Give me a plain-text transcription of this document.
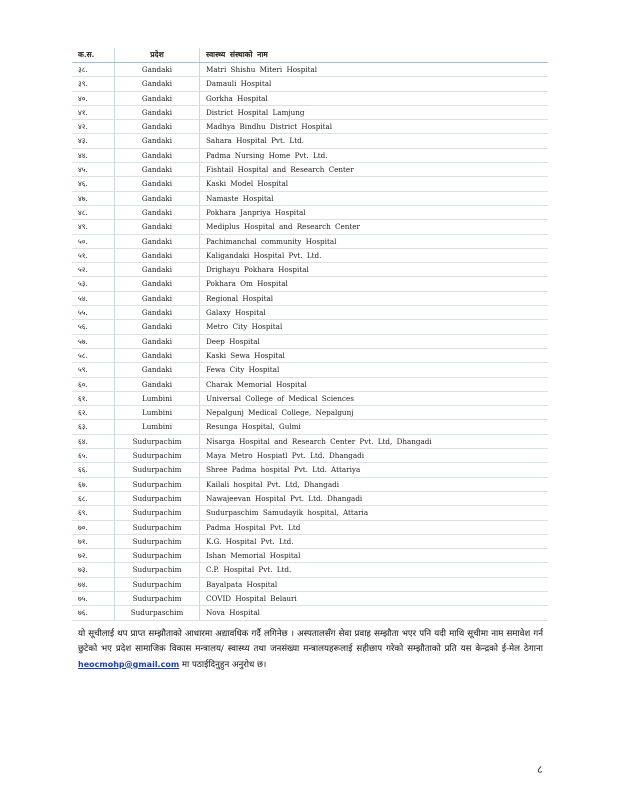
क.स.	प्रदेश	स्वास्थ्य संस्थाको नाम
३८.	Gandaki	Matri Shishu Miteri Hospital
३९.	Gandaki	Damauli Hospital
४०.	Gandaki	Gorkha Hospital
४१.	Gandaki	District Hospital Lamjung
४२.	Gandaki	Madhya Bindhu District Hospital
४३.	Gandaki	Sahara Hospital Pvt. Ltd.
४४.	Gandaki	Padma Nursing Home Pvt. Ltd.
४५.	Gandaki	Fishtail Hospital and Research Center
४६.	Gandaki	Kaski Model Hospital
४७.	Gandaki	Namaste Hospital
४८.	Gandaki	Pokhara Janpriya Hospital
४९.	Gandaki	Mediplus Hospital and Research Center
५०.	Gandaki	Pachimanchal community Hospital
५१.	Gandaki	Kaligandaki Hospital Pvt. Ltd.
५२.	Gandaki	Drighayu Pokhara Hospital
५३.	Gandaki	Pokhara Om Hospital
५४.	Gandaki	Regional Hospital
५५.	Gandaki	Galaxy Hospital
५६.	Gandaki	Metro City Hospital
५७.	Gandaki	Deep Hospital
५८.	Gandaki	Kaski Sewa Hospital
५९.	Gandaki	Fewa City Hospital
६०.	Gandaki	Charak Memorial Hospital
६१.	Lumbini	Universal College of Medical Sciences
६२.	Lumbini	Nepalgunj Medical College, Nepalgunj
६३.	Lumbini	Resunga Hospital, Gulmi
६४.	Sudurpachim	Nisarga Hospital and Research Center Pvt. Ltd, Dhangadi
६५.	Sudurpachim	Maya Metro Hospiatl Pvt. Ltd. Dhangadi
६६.	Sudurpachim	Shree Padma hospital Pvt. Ltd. Attariya
६७.	Sudurpachim	Kailali hospital Pvt. Ltd, Dhangadi
६८.	Sudurpachim	Nawajeevan Hospital Pvt. Ltd. Dhangadi
६९.	Sudurpachim	Sudurpaschim Samudayik hospital, Attaria
७०.	Sudurpachim	Padma Hospital Pvt. Ltd
७१.	Sudurpachim	K.G. Hospital Pvt. Ltd.
७२.	Sudurpachim	Ishan Memorial Hospital
७३.	Sudurpachim	C.P. Hospital Pvt. Ltd.
७४.	Sudurpachim	Bayalpata Hospital
७५.	Sudurpachim	COVID Hospital Belauri
७६.	Sudurpaschim	Nova Hospital
यो सूचीलाई थप प्राप्त सम्झौताको आधारमा अद्यावधिक गर्दै लगिनेछ । अस्पतालसँग सेवा प्रवाह सम्झौता भएर पनि यदी माथि सूचीमा नाम समावेश गर्न छुटेको भए प्रदेश सामाजिक विकास मन्त्रालय/ स्वास्थ्य तथा जनसंख्या मन्त्रालयहरूलाई सहीछाप गरेको सम्झौताको प्रति यस केन्द्रको ई-मेल ठेगाना heocmohp@gmail.com मा पठाईदिनुहुन अनुरोध छ।
८
